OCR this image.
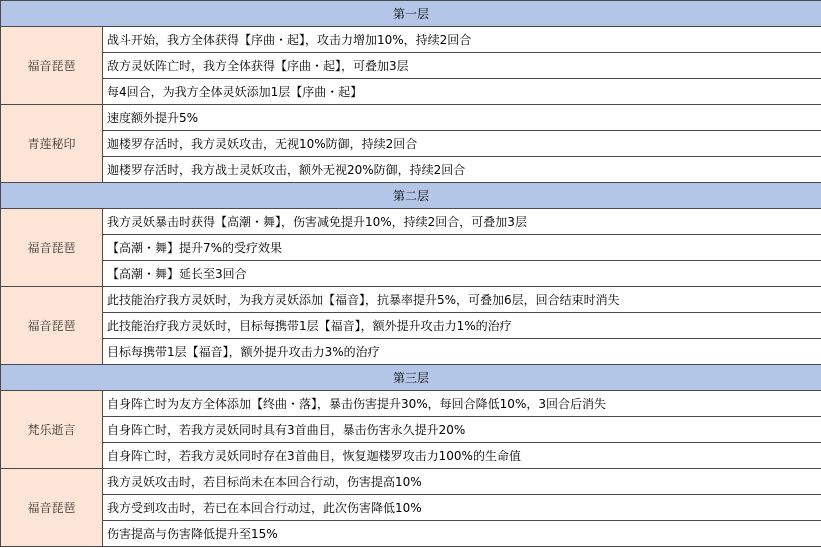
第一层	
福音琵琶	战斗开始，我方全体获得【序曲・起】，攻击力增加10%，持续2回合
	敌方灵妖阵亡时，我方全体获得【序曲・起】，可叠加3层
	每4回合，为我方全体灵妖添加1层【序曲・起】
青莲秘印	速度额外提升5%
	迦楼罗存活时，我方灵妖攻击，无视10%防御，持续2回合
	迦楼罗存活时，我方战士灵妖攻击，额外无视20%防御，持续2回合
第二层	
福音琵琶	我方灵妖暴击时获得【高潮・舞】，伤害减免提升10%，持续2回合，可叠加3层
	【高潮・舞】提升7%的受疗效果
	【高潮・舞】延长至3回合
福音琵琶	此技能治疗我方灵妖时，为我方灵妖添加【福音】，抗暴率提升5%，可叠加6层，回合结束时消失
	此技能治疗我方灵妖时，目标每携带1层【福音】，额外提升攻击力1%的治疗
	目标每携带1层【福音】，额外提升攻击力3%的治疗
第三层	
梵乐逝言	自身阵亡时为友方全体添加【终曲・落】，暴击伤害提升30%，每回合降低10%，3回合后消失
	自身阵亡时，若我方灵妖同时具有3首曲目，暴击伤害永久提升20%
	自身阵亡时，若我方灵妖同时存在3首曲目，恢复迦楼罗攻击力100%的生命值
福音琵琶	我方灵妖攻击时，若目标尚未在本回合行动，伤害提高10%
	我方受到攻击时，若已在本回合行动过，此次伤害降低10%
	伤害提高与伤害降低提升至15%
